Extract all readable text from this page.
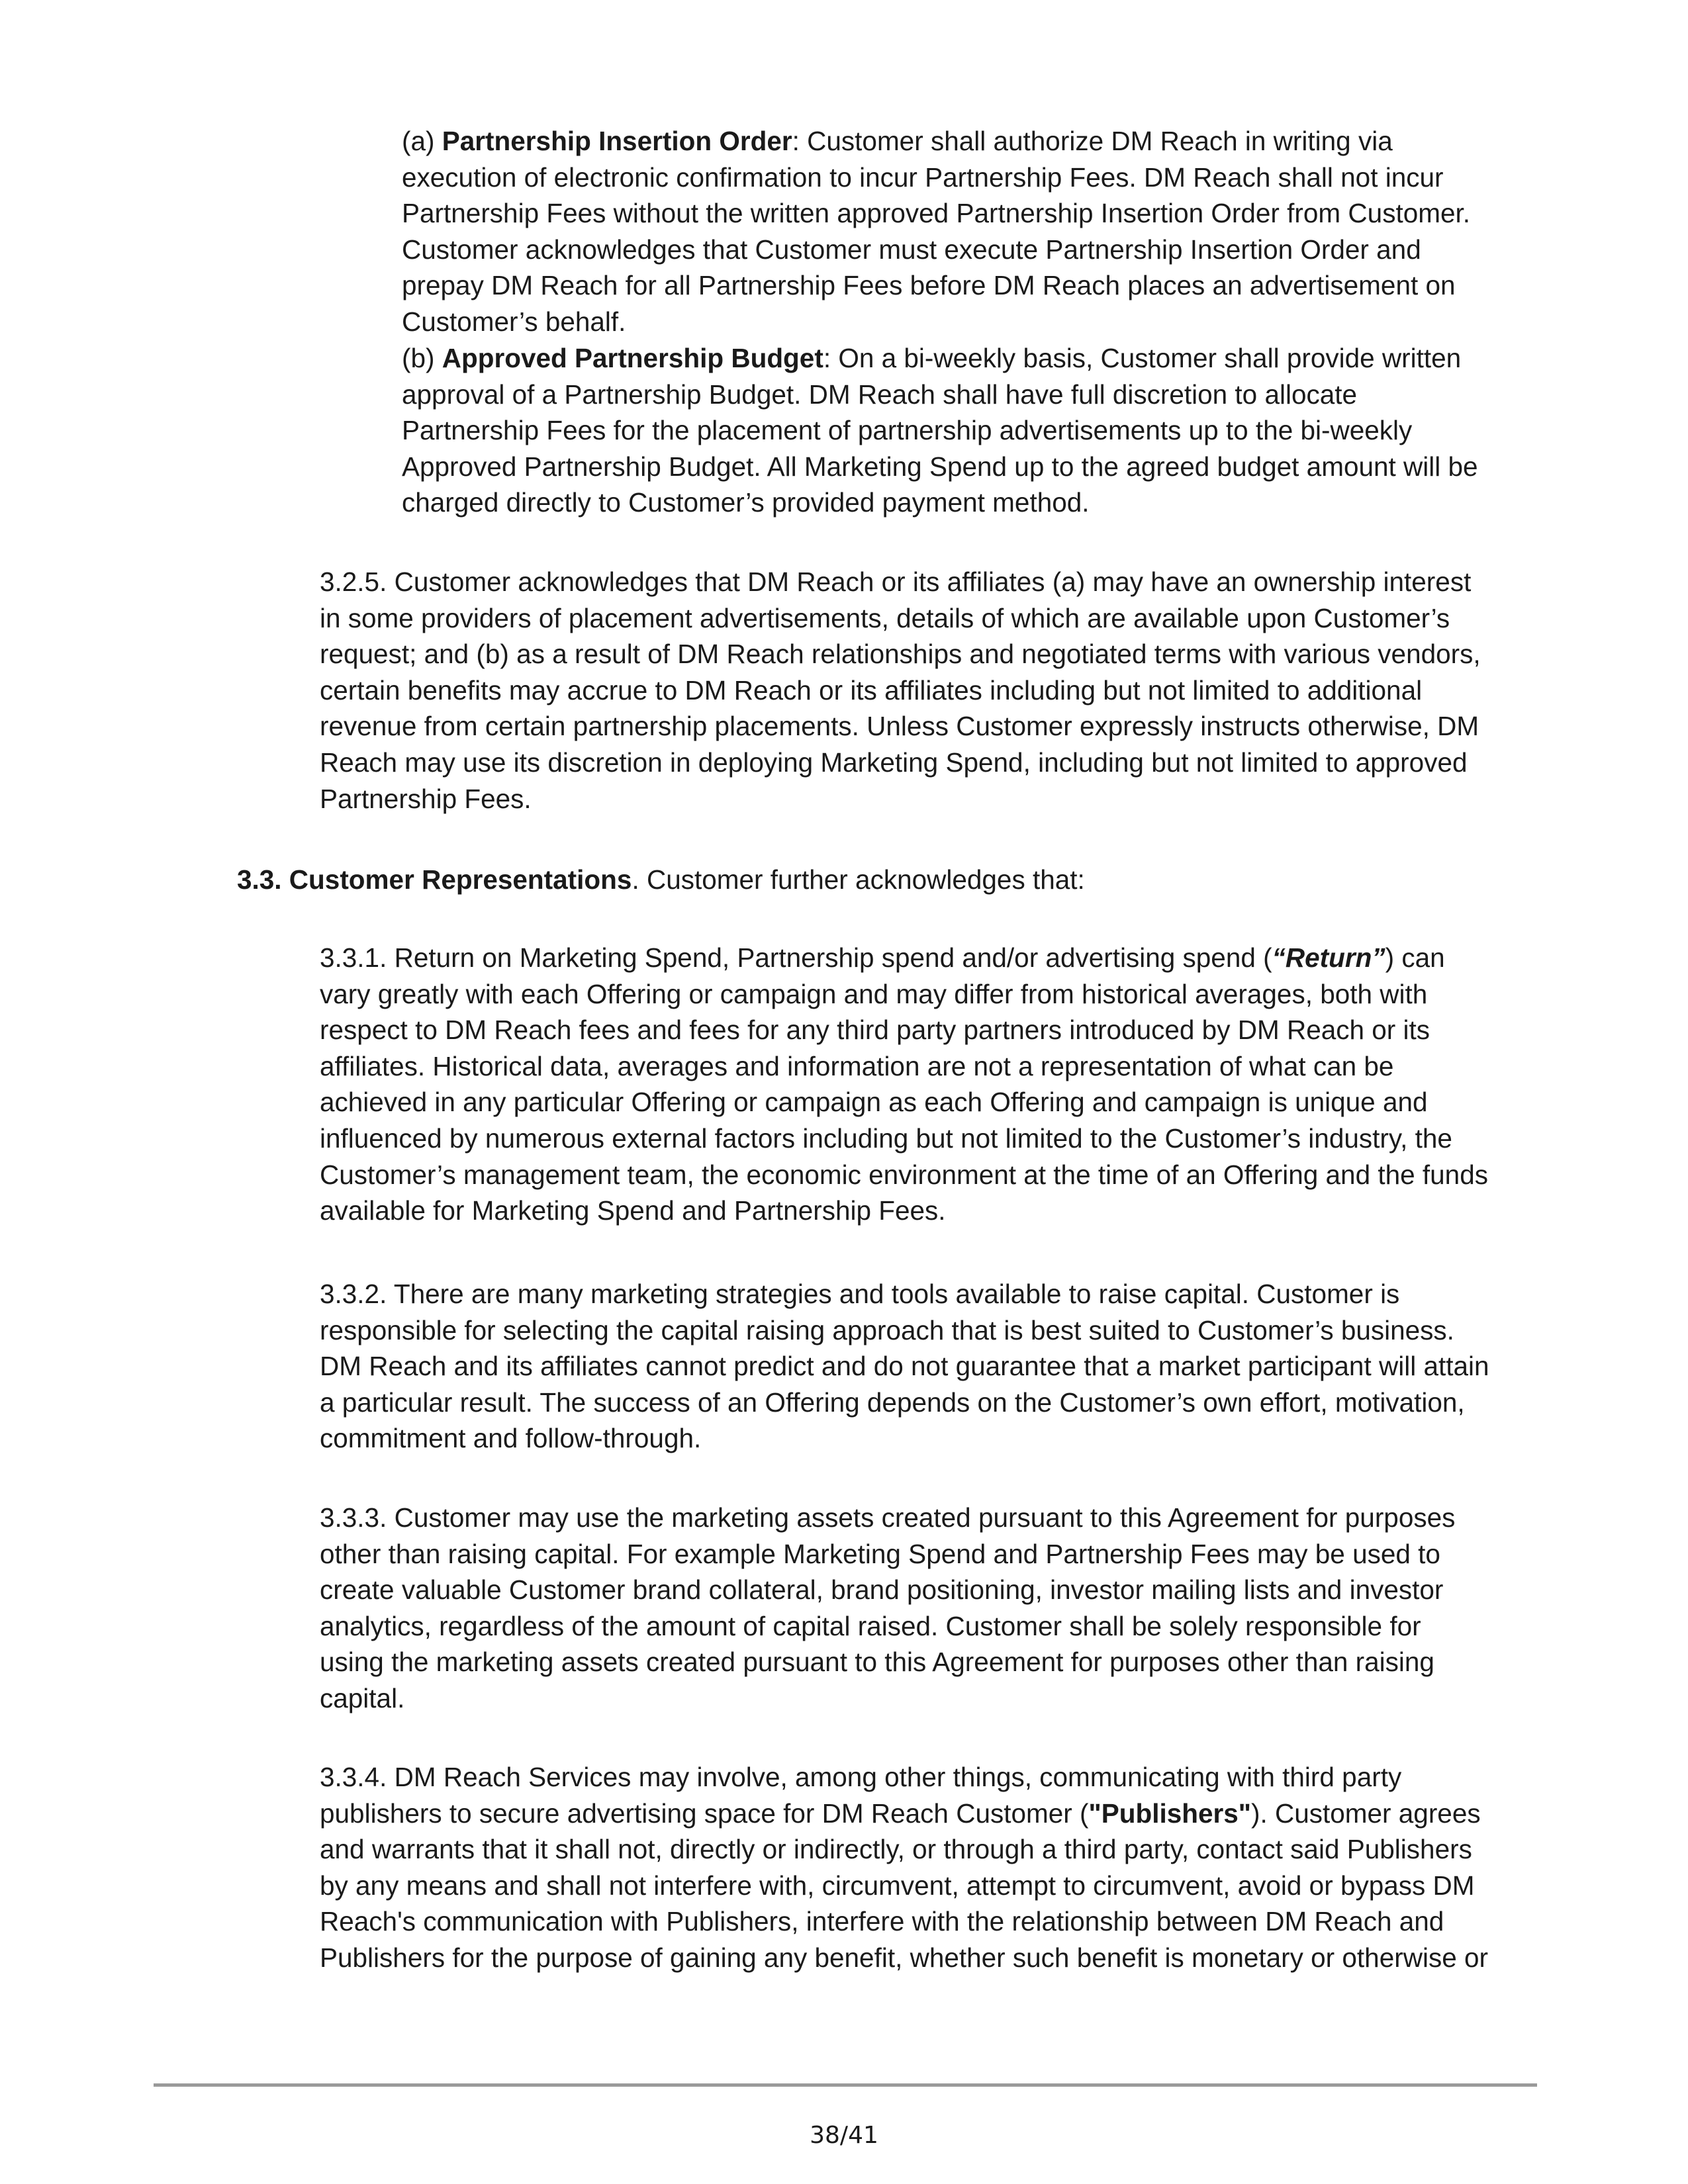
(a) Partnership Insertion Order: Customer shall authorize DM Reach in writing via
execution of electronic confirmation to incur Partnership Fees. DM Reach shall not incur
Partnership Fees without the written approved Partnership Insertion Order from Customer.
Customer acknowledges that Customer must execute Partnership Insertion Order and
prepay DM Reach for all Partnership Fees before DM Reach places an advertisement on
Customer’s behalf.
(b) Approved Partnership Budget: On a bi-weekly basis, Customer shall provide written
approval of a Partnership Budget. DM Reach shall have full discretion to allocate
Partnership Fees for the placement of partnership advertisements up to the bi-weekly
Approved Partnership Budget. All Marketing Spend up to the agreed budget amount will be
charged directly to Customer’s provided payment method.
3.2.5. Customer acknowledges that DM Reach or its affiliates (a) may have an ownership interest
in some providers of placement advertisements, details of which are available upon Customer’s
request; and (b) as a result of DM Reach relationships and negotiated terms with various vendors,
certain benefits may accrue to DM Reach or its affiliates including but not limited to additional
revenue from certain partnership placements. Unless Customer expressly instructs otherwise, DM
Reach may use its discretion in deploying Marketing Spend, including but not limited to approved
Partnership Fees.
3.3. Customer Representations. Customer further acknowledges that:
3.3.1. Return on Marketing Spend, Partnership spend and/or advertising spend (“Return”) can
vary greatly with each Offering or campaign and may differ from historical averages, both with
respect to DM Reach fees and fees for any third party partners introduced by DM Reach or its
affiliates. Historical data, averages and information are not a representation of what can be
achieved in any particular Offering or campaign as each Offering and campaign is unique and
influenced by numerous external factors including but not limited to the Customer’s industry, the
Customer’s management team, the economic environment at the time of an Offering and the funds
available for Marketing Spend and Partnership Fees.
3.3.2. There are many marketing strategies and tools available to raise capital. Customer is
responsible for selecting the capital raising approach that is best suited to Customer’s business.
DM Reach and its affiliates cannot predict and do not guarantee that a market participant will attain
a particular result. The success of an Offering depends on the Customer’s own effort, motivation,
commitment and follow-through.
3.3.3. Customer may use the marketing assets created pursuant to this Agreement for purposes
other than raising capital. For example Marketing Spend and Partnership Fees may be used to
create valuable Customer brand collateral, brand positioning, investor mailing lists and investor
analytics, regardless of the amount of capital raised. Customer shall be solely responsible for
using the marketing assets created pursuant to this Agreement for purposes other than raising
capital.
3.3.4. DM Reach Services may involve, among other things, communicating with third party
publishers to secure advertising space for DM Reach Customer ("Publishers"). Customer agrees
and warrants that it shall not, directly or indirectly, or through a third party, contact said Publishers
by any means and shall not interfere with, circumvent, attempt to circumvent, avoid or bypass DM
Reach's communication with Publishers, interfere with the relationship between DM Reach and
Publishers for the purpose of gaining any benefit, whether such benefit is monetary or otherwise or
38/41
